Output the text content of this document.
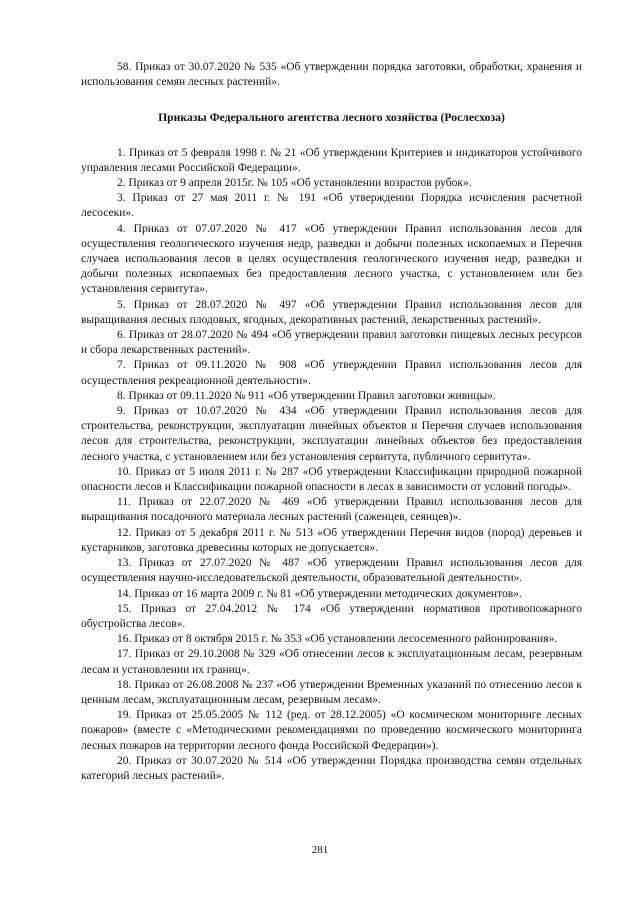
58. Приказ от 30.07.2020 № 535 «Об утверждении порядка заготовки, обработки, хранения и использования семян лесных растений».

Приказы Федерального агентства лесного хозяйства (Рослесхоза)

1. Приказ от 5 февраля 1998 г. № 21 «Об утверждении Критериев и индикаторов устойчивого управления лесами Российской Федерации».

2. Приказ от 9 апреля 2015г. № 105 «Об установлении возрастов рубок».

3. Приказ от 27 мая 2011 г. № 191 «Об утверждении Порядка исчисления расчетной лесосеки».

4. Приказ от 07.07.2020 № 417 «Об утверждении Правил использования лесов для осуществления геологического изучения недр, разведки и добычи полезных ископаемых и Перечня случаев использования лесов в целях осуществления геологического изучения недр, разведки и добычи полезных ископаемых без предоставления лесного участка, с установлением или без установления сервитута».

5. Приказ от 28.07.2020 № 497 «Об утверждении Правил использования лесов для выращивания лесных плодовых, ягодных, декоративных растений, лекарственных растений».

6. Приказ от 28.07.2020 № 494 «Об утверждении правил заготовки пищевых лесных ресурсов и сбора лекарственных растений».

7. Приказ от 09.11.2020 № 908 «Об утверждении Правил использования лесов для осуществления рекреационной деятельности».

8. Приказ от 09.11.2020 № 911 «Об утверждении Правил заготовки живицы».

9. Приказ от 10.07.2020 № 434 «Об утверждении Правил использования лесов для строительства, реконструкции, эксплуатации линейных объектов и Перечня случаев использования лесов для строительства, реконструкции, эксплуатации линейных объектов без предоставления лесного участка, с установлением или без установления сервитута, публичного сервитута».

10. Приказ от 5 июля 2011 г. № 287 «Об утверждении Классификации природной пожарной опасности лесов и Классификации пожарной опасности в лесах в зависимости от условий погоды».

11. Приказ от 22.07.2020 № 469 «Об утверждении Правил использования лесов для выращивания посадочного материала лесных растений (саженцев, сеянцев)».

12. Приказ от 5 декабря 2011 г. № 513 «Об утверждении Перечня видов (пород) деревьев и кустарников, заготовка древесины которых не допускается».

13. Приказ от 27.07.2020 № 487 «Об утверждении Правил использования лесов для осуществления научно-исследовательской деятельности, образовательной деятельности».

14. Приказ от 16 марта 2009 г. № 81 «Об утверждении методических документов».

15. Приказ от 27.04.2012 № 174 «Об утверждении нормативов противопожарного обустройства лесов».

16. Приказ от 8 октября 2015 г. № 353 «Об установлении лесосеменного районирования».

17. Приказ от 29.10.2008 № 329 «Об отнесении лесов к эксплуатационным лесам, резервным лесам и установлении их границ».

18. Приказ от 26.08.2008 № 237 «Об утверждении Временных указаний по отнесению лесов к ценным лесам, эксплуатационным лесам, резервным лесам».

19. Приказ от 25.05.2005 № 112 (ред. от 28.12.2005) «О космическом мониторинге лесных пожаров» (вместе с «Методическими рекомендациями по проведению космического мониторинга лесных пожаров на территории лесного фонда Российской Федерации»).

20. Приказ от 30.07.2020 № 514 «Об утверждении Порядка производства семян отдельных категорий лесных растений».

281
